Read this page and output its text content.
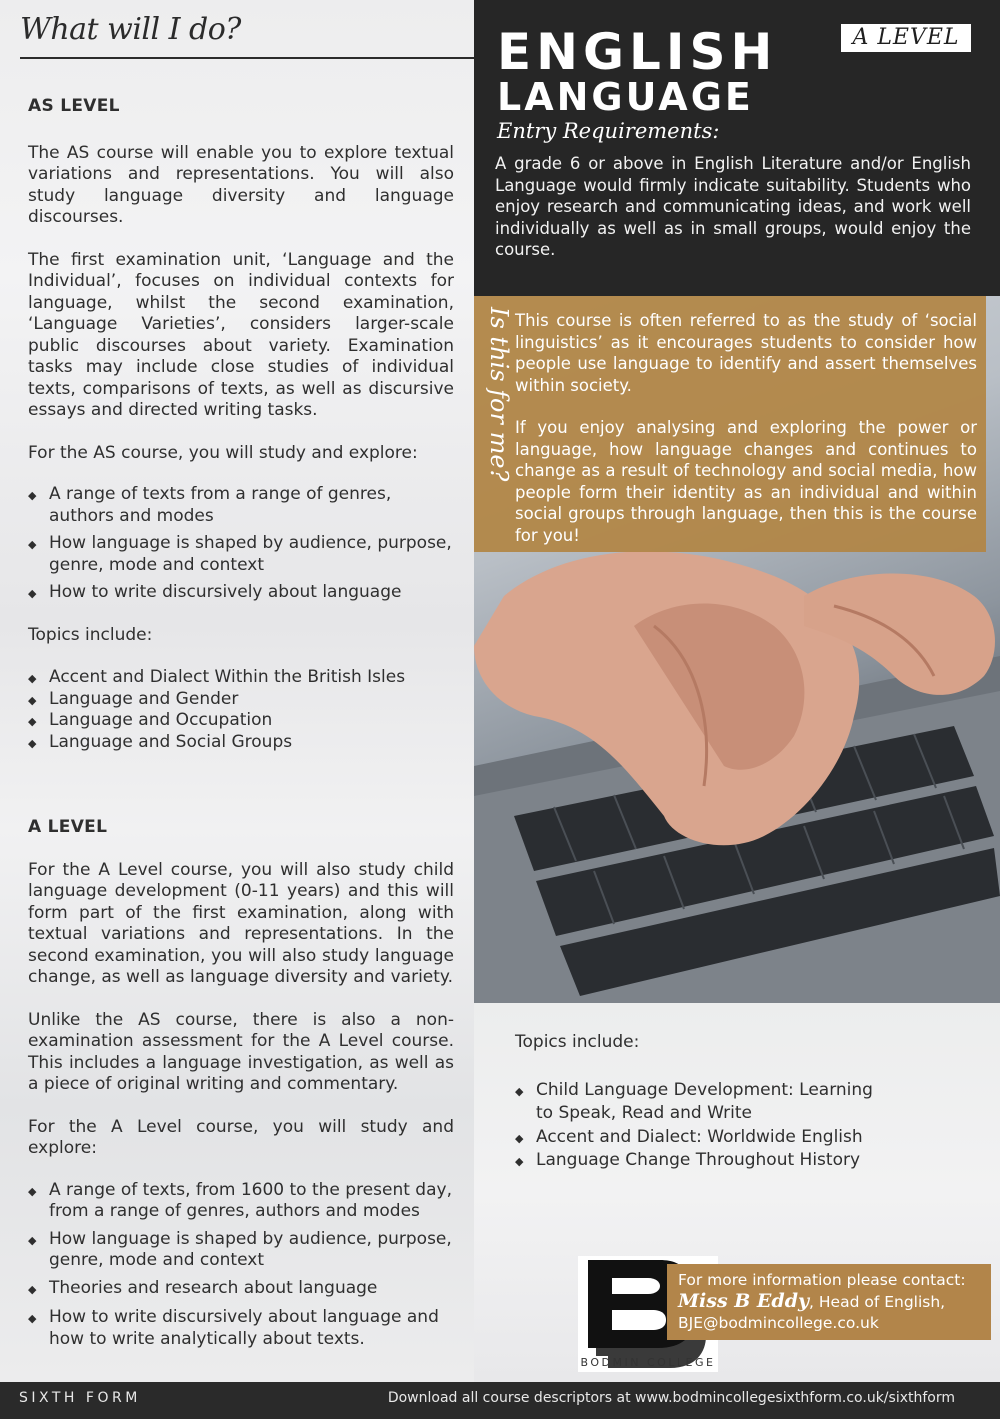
What will I do?

AS LEVEL

The AS course will enable you to explore textual variations and representations. You will also study language diversity and language discourses.

The first examination unit, ‘Language and the Individual’, focuses on individual contexts for language, whilst the second examination, ‘Language Varieties’, considers larger-scale public discourses about variety. Examination tasks may include close studies of individual texts, comparisons of texts, as well as discursive essays and directed writing tasks.

For the AS course, you will study and explore:

◆ A range of texts from a range of genres, authors and modes
◆ How language is shaped by audience, purpose, genre, mode and context
◆ How to write discursively about language

Topics include:

◆ Accent and Dialect Within the British Isles
◆ Language and Gender
◆ Language and Occupation
◆ Language and Social Groups

A LEVEL

For the A Level course, you will also study child language development (0-11 years) and this will form part of the first examination, along with textual variations and representations. In the second examination, you will also study language change, as well as language diversity and variety.

Unlike the AS course, there is also a non-examination assessment for the A Level course. This includes a language investigation, as well as a piece of original writing and commentary.

For the A Level course, you will study and explore:

◆ A range of texts, from 1600 to the present day, from a range of genres, authors and modes
◆ How language is shaped by audience, purpose, genre, mode and context
◆ Theories and research about language
◆ How to write discursively about language and how to write analytically about texts.
ENGLISH
LANGUAGE
A LEVEL
Entry Requirements:

A grade 6 or above in English Literature and/or English Language would firmly indicate suitability. Students who enjoy research and communicating ideas, and work well individually as well as in small groups, would enjoy the course.

Is this for me? This course is often referred to as the study of ‘social linguistics’ as it encourages students to consider how people use language to identify and assert themselves within society.

If you enjoy analysing and exploring the power or language, how language changes and continues to change as a result of technology and social media, how people form their identity as an individual and within social groups through language, then this is the course for you!

Topics include:

◆ Child Language Development: Learning to Speak, Read and Write
◆ Accent and Dialect: Worldwide English
◆ Language Change Throughout History
BODMIN COLLEGE
For more information please contact:
Miss B Eddy, Head of English,
BJE@bodmincollege.co.uk
SIXTH FORM	Download all course descriptors at www.bodmincollegesixthform.co.uk/sixthform
